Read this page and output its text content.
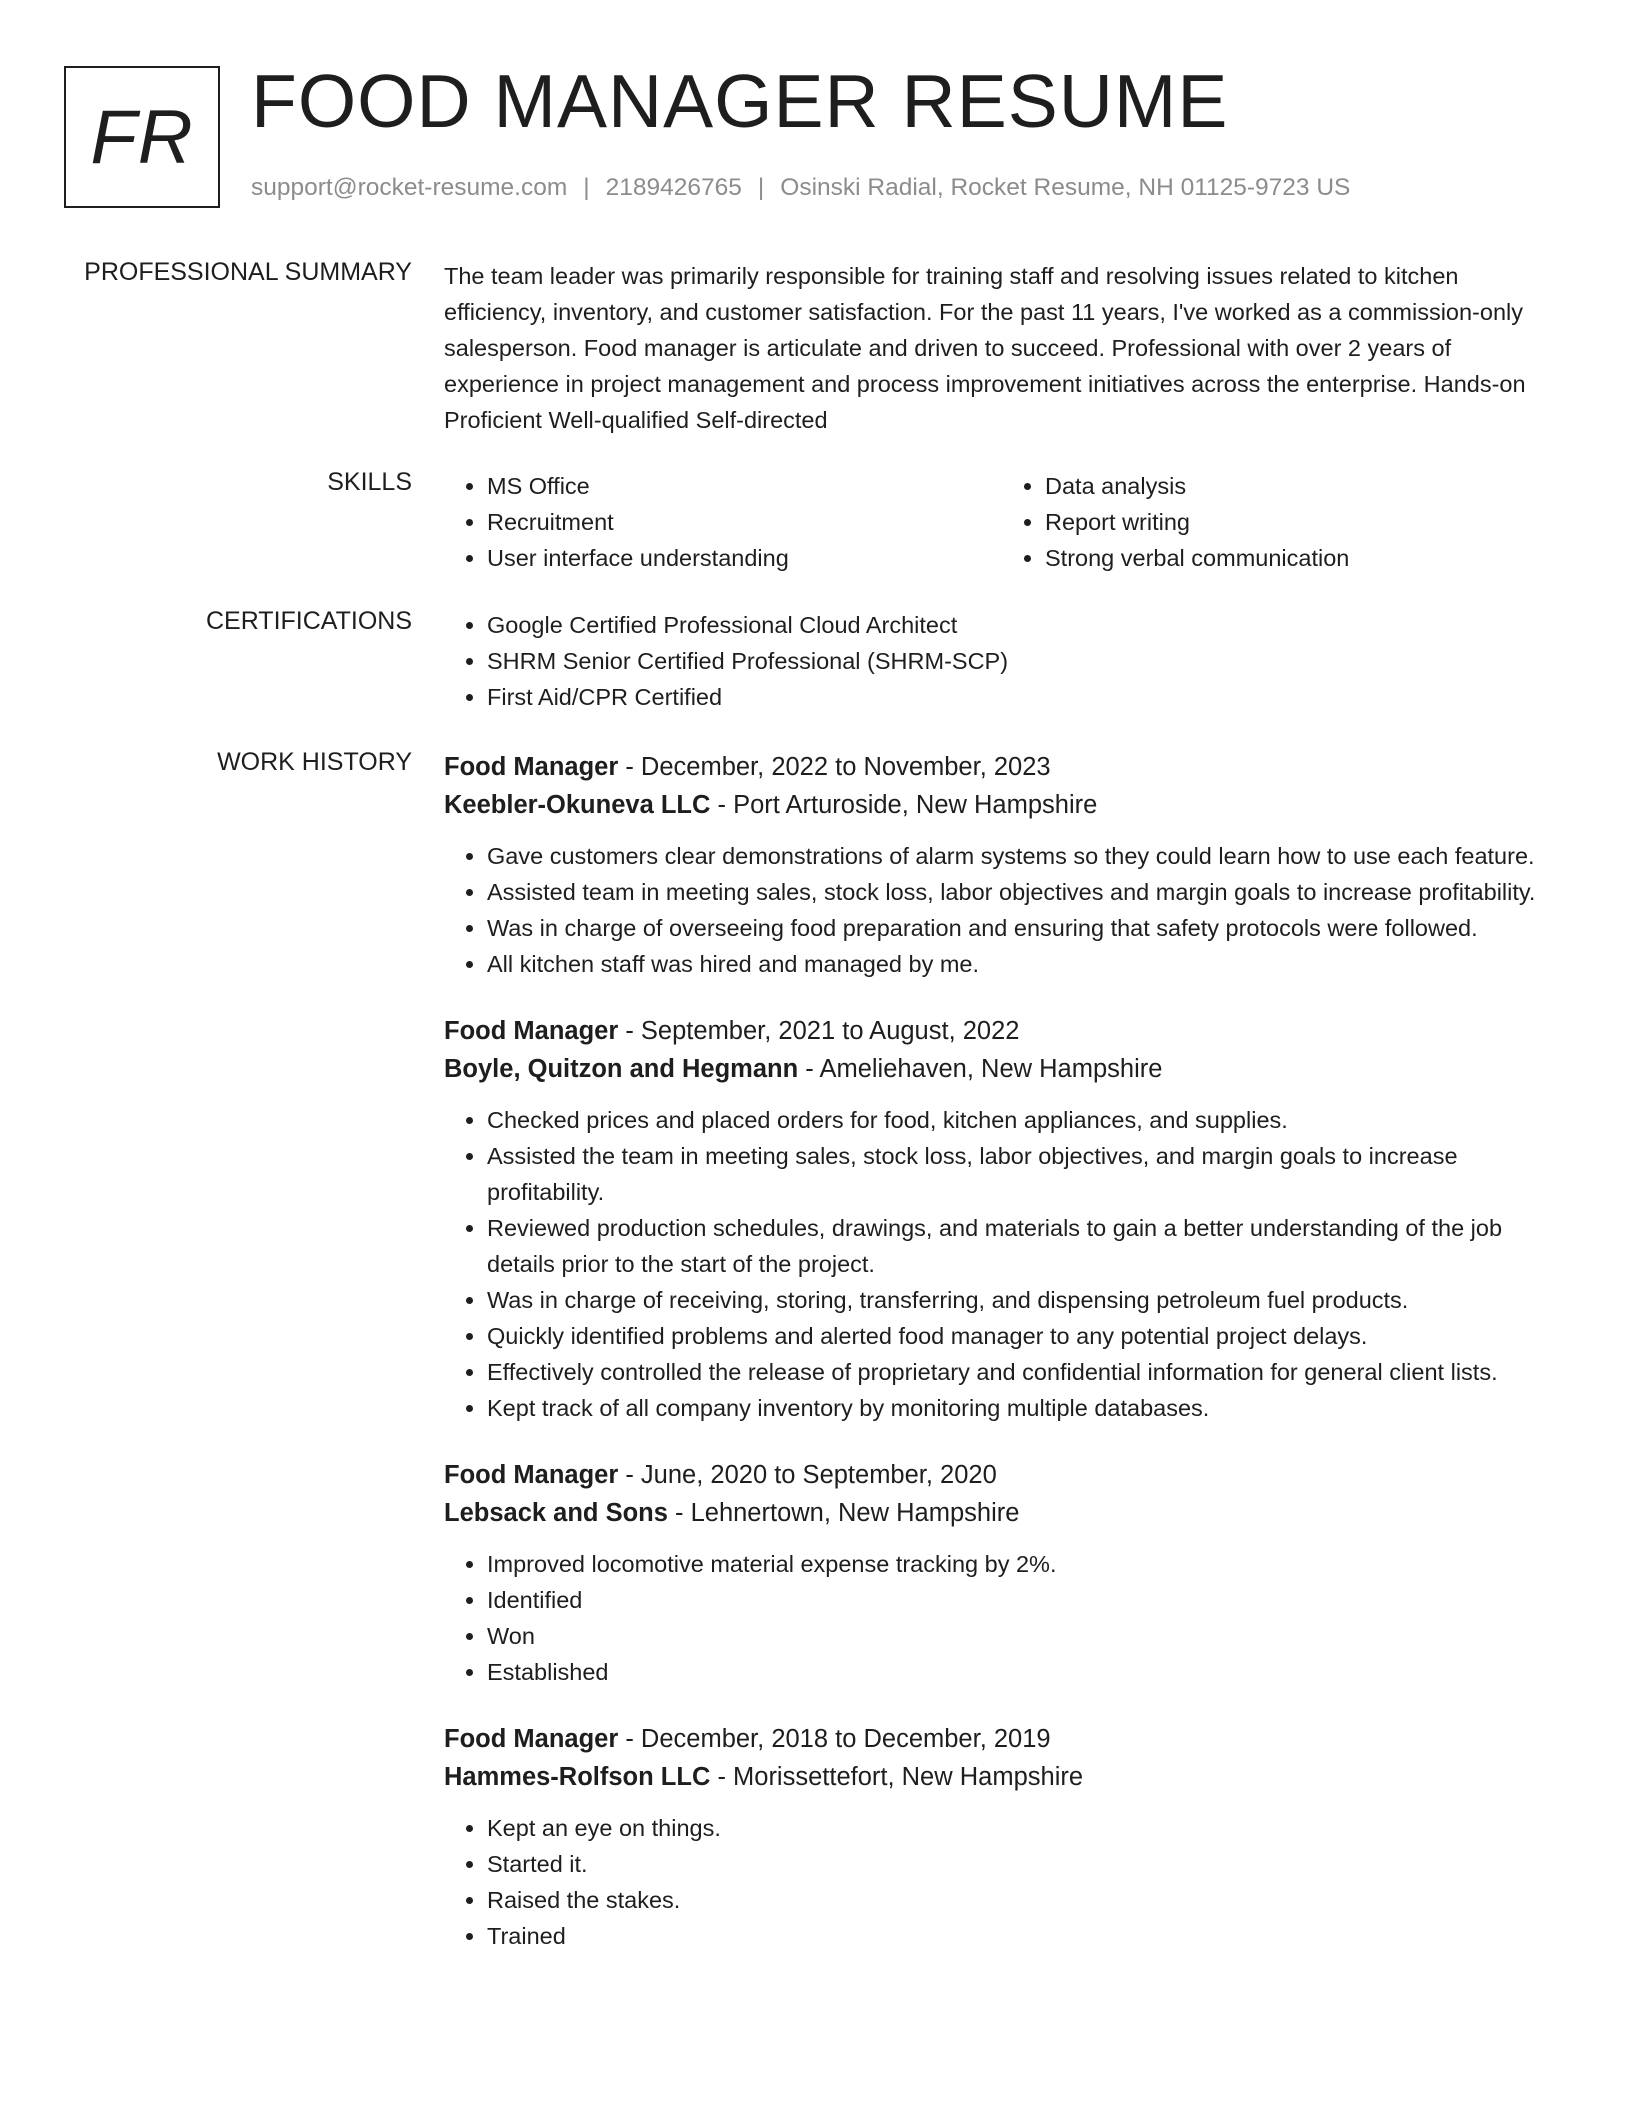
FR FOOD MANAGER RESUME
support@rocket-resume.com | 2189426765 | Osinski Radial, Rocket Resume, NH 01125-9723 US
PROFESSIONAL SUMMARY The team leader was primarily responsible for training staff and resolving issues related to kitchen efficiency, inventory, and customer satisfaction. For the past 11 years, I've worked as a commission-only salesperson. Food manager is articulate and driven to succeed. Professional with over 2 years of experience in project management and process improvement initiatives across the enterprise. Hands-on Proficient Well-qualified Self-directed
SKILLS	• MS Office
• Recruitment
• User interface understanding
• Data analysis
• Report writing
• Strong verbal communication
CERTIFICATIONS	• Google Certified Professional Cloud Architect
• SHRM Senior Certified Professional (SHRM-SCP)
• First Aid/CPR Certified
WORK HISTORY Food Manager - December, 2022 to November, 2023
Keebler-Okuneva LLC - Port Arturoside, New Hampshire
• Gave customers clear demonstrations of alarm systems so they could learn how to use each feature.
• Assisted team in meeting sales, stock loss, labor objectives and margin goals to increase profitability.
• Was in charge of overseeing food preparation and ensuring that safety protocols were followed.
• All kitchen staff was hired and managed by me.
Food Manager - September, 2021 to August, 2022
Boyle, Quitzon and Hegmann - Ameliehaven, New Hampshire
• Checked prices and placed orders for food, kitchen appliances, and supplies.
• Assisted the team in meeting sales, stock loss, labor objectives, and margin goals to increase profitability.
• Reviewed production schedules, drawings, and materials to gain a better understanding of the job details prior to the start of the project.
• Was in charge of receiving, storing, transferring, and dispensing petroleum fuel products.
• Quickly identified problems and alerted food manager to any potential project delays.
• Effectively controlled the release of proprietary and confidential information for general client lists.
• Kept track of all company inventory by monitoring multiple databases.
Food Manager - June, 2020 to September, 2020
Lebsack and Sons - Lehnertown, New Hampshire
• Improved locomotive material expense tracking by 2%.
• Identified
• Won
• Established
Food Manager - December, 2018 to December, 2019
Hammes-Rolfson LLC - Morissettefort, New Hampshire
• Kept an eye on things.
• Started it.
• Raised the stakes.
• Trained
